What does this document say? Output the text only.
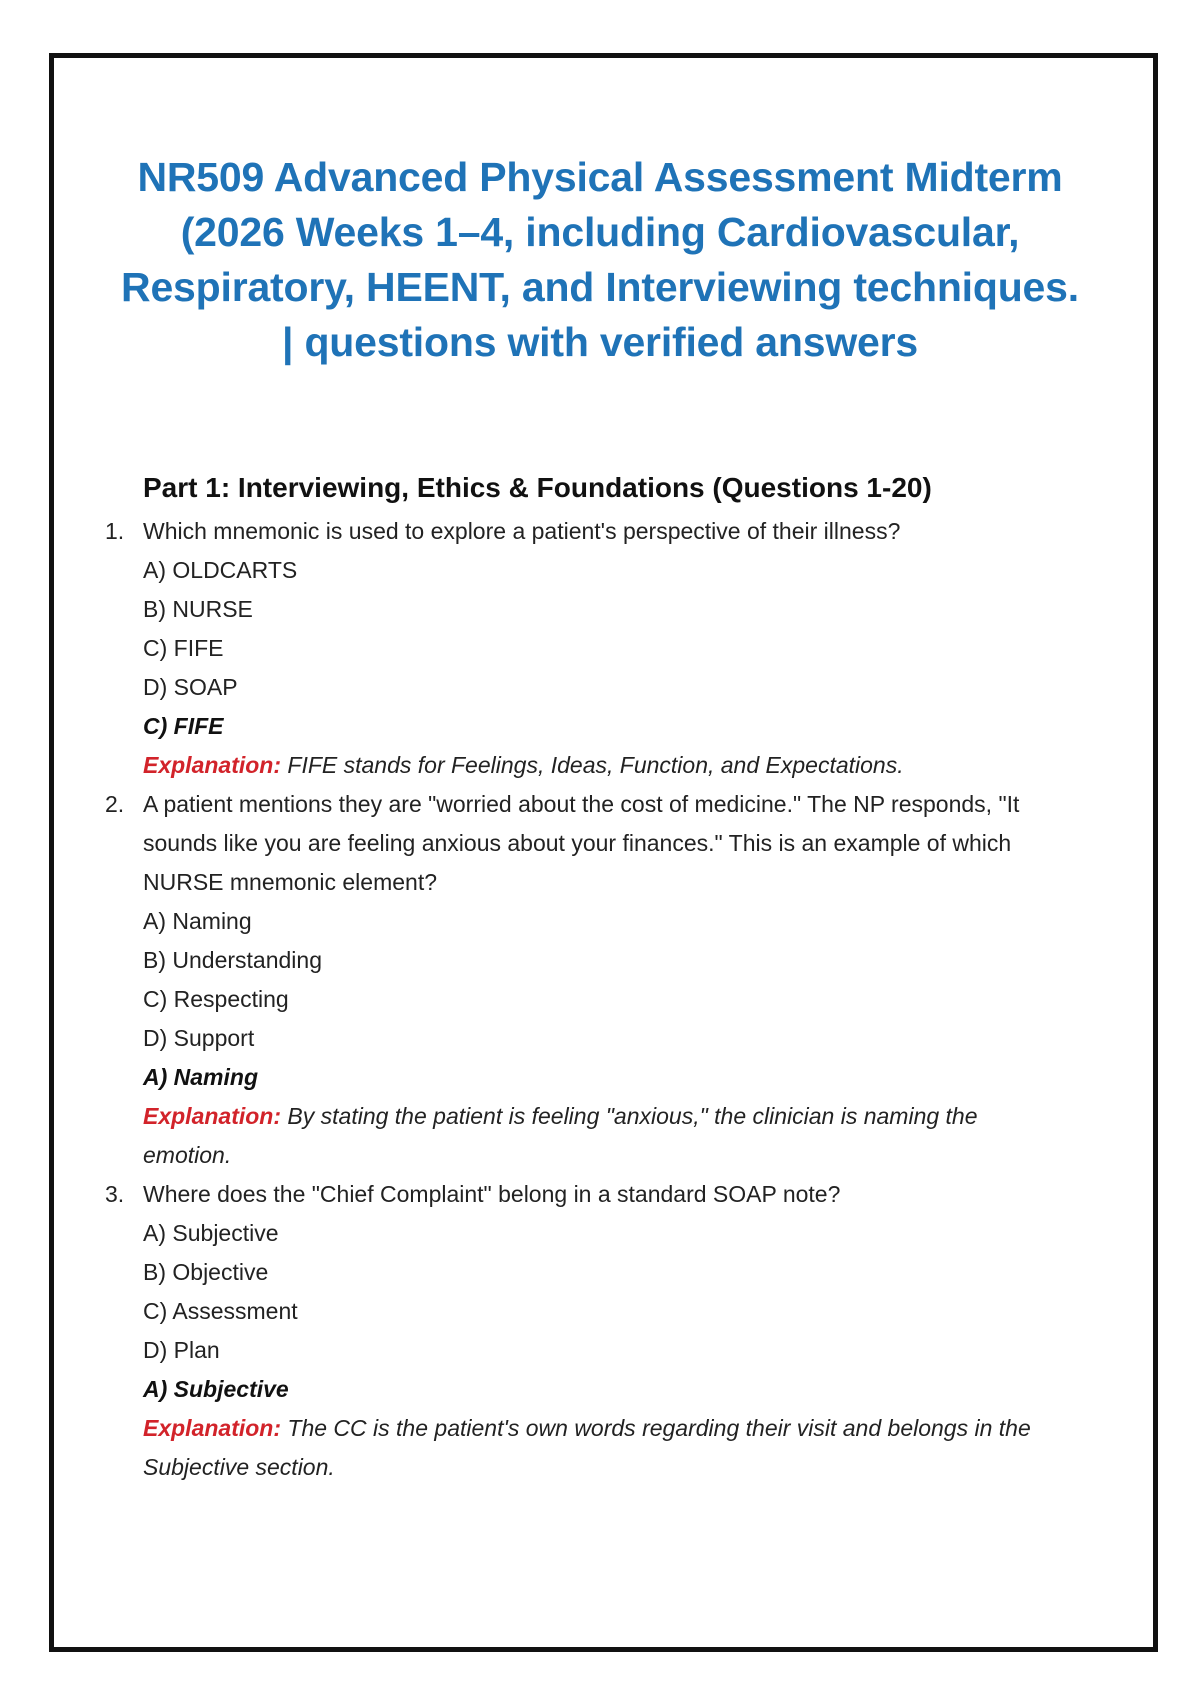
NR509 Advanced Physical Assessment Midterm (2026 Weeks 1–4, including Cardiovascular, Respiratory, HEENT, and Interviewing techniques. | questions with verified answers
Part 1: Interviewing, Ethics & Foundations (Questions 1-20)
1. Which mnemonic is used to explore a patient's perspective of their illness?
A) OLDCARTS
B) NURSE
C) FIFE
D) SOAP
C) FIFE
Explanation: FIFE stands for Feelings, Ideas, Function, and Expectations.
2. A patient mentions they are "worried about the cost of medicine." The NP responds, "It sounds like you are feeling anxious about your finances." This is an example of which NURSE mnemonic element?
A) Naming
B) Understanding
C) Respecting
D) Support
A) Naming
Explanation: By stating the patient is feeling "anxious," the clinician is naming the emotion.
3. Where does the "Chief Complaint" belong in a standard SOAP note?
A) Subjective
B) Objective
C) Assessment
D) Plan
A) Subjective
Explanation: The CC is the patient's own words regarding their visit and belongs in the Subjective section.
